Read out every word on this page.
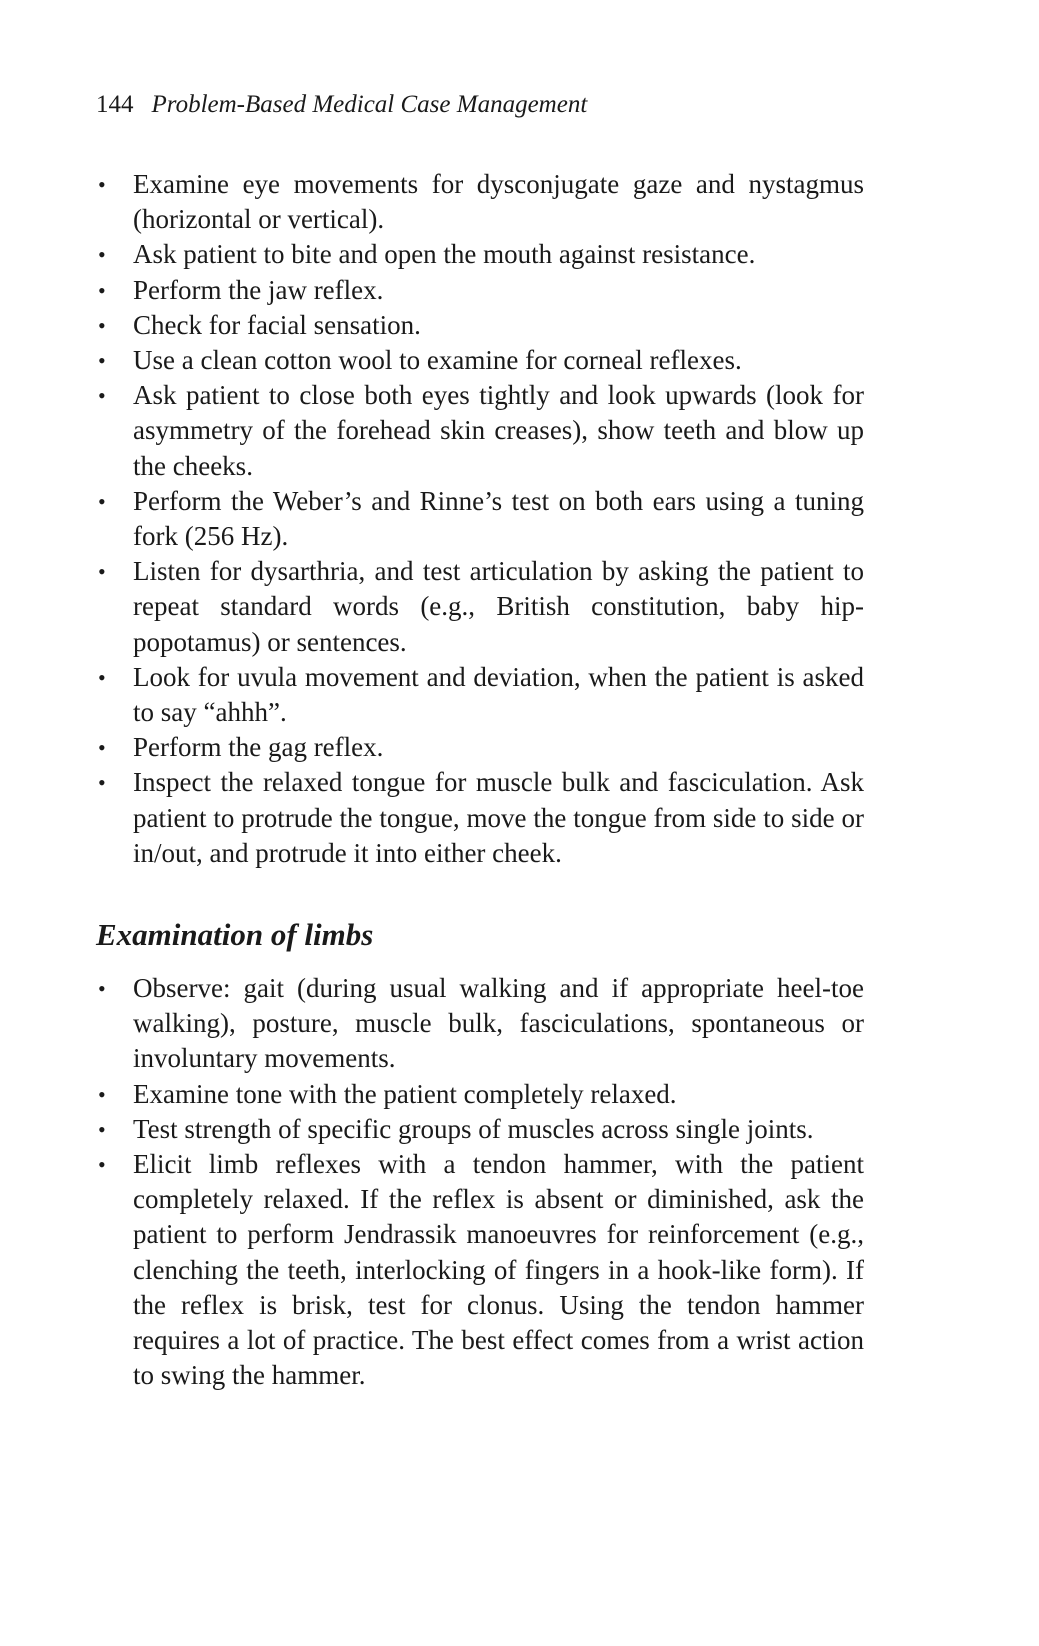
144 Problem-Based Medical Case Management
• Examine eye movements for dysconjugate gaze and nystagmus (horizontal or vertical).
• Ask patient to bite and open the mouth against resistance.
• Perform the jaw reflex.
• Check for facial sensation.
• Use a clean cotton wool to examine for corneal reflexes.
• Ask patient to close both eyes tightly and look upwards (look for asymmetry of the forehead skin creases), show teeth and blow up the cheeks.
• Perform the Weber’s and Rinne’s test on both ears using a tuning fork (256 Hz).
• Listen for dysarthria, and test articulation by asking the patient to repeat standard words (e.g., British constitution, baby hippopotamus) or sentences.
• Look for uvula movement and deviation, when the patient is asked to say “ahhh”.
• Perform the gag reflex.
• Inspect the relaxed tongue for muscle bulk and fasciculation. Ask patient to protrude the tongue, move the tongue from side to side or in/out, and protrude it into either cheek.
Examination of limbs
• Observe: gait (during usual walking and if appropriate heel-toe walking), posture, muscle bulk, fasciculations, spontaneous or involuntary movements.
• Examine tone with the patient completely relaxed.
• Test strength of specific groups of muscles across single joints.
• Elicit limb reflexes with a tendon hammer, with the patient completely relaxed. If the reflex is absent or diminished, ask the patient to perform Jendrassik manoeuvres for reinforcement (e.g., clenching the teeth, interlocking of fingers in a hook-like form). If the reflex is brisk, test for clonus. Using the tendon hammer requires a lot of practice. The best effect comes from a wrist action to swing the hammer.
